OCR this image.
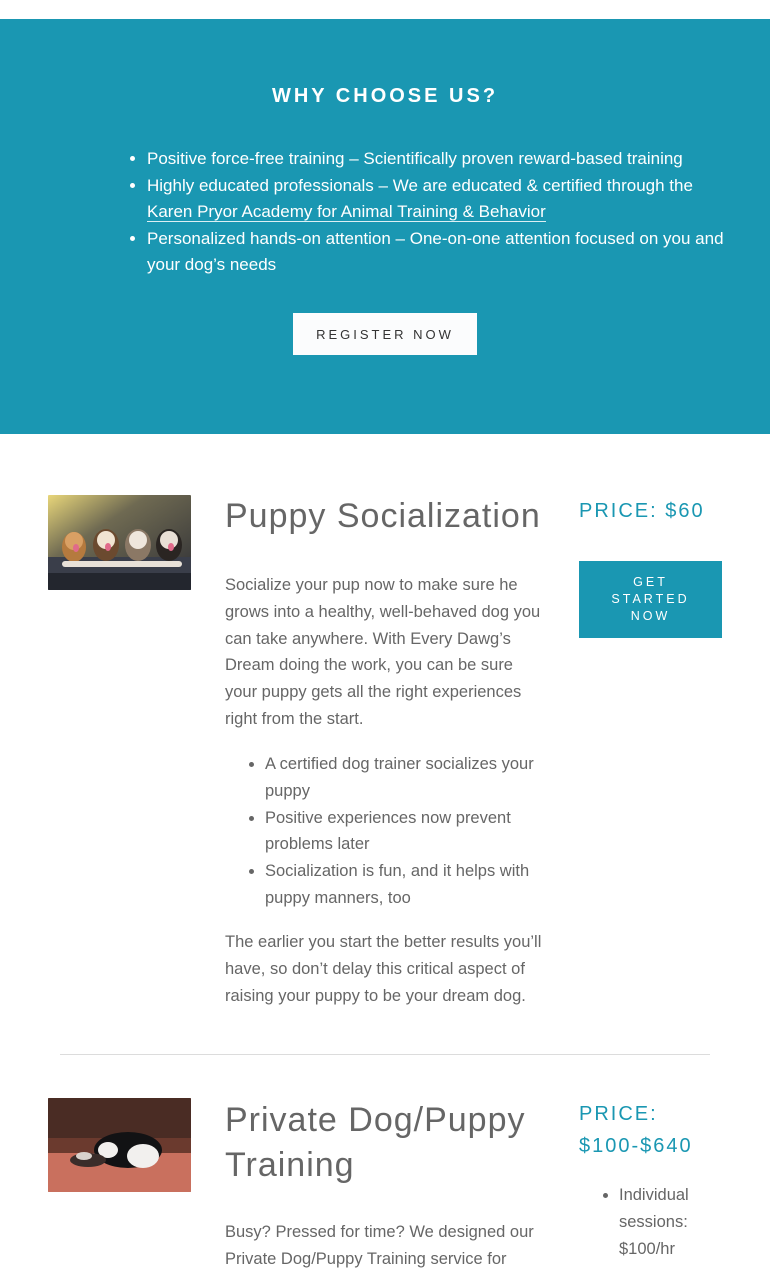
WHY CHOOSE US?
• Positive force-free training – Scientifically proven reward-based training
• Highly educated professionals – We are educated & certified through the Karen Pryor Academy for Animal Training & Behavior
• Personalized hands-on attention – One-on-one attention focused on you and your dog’s needs
REGISTER NOW
Puppy Socialization

Socialize your pup now to make sure he grows into a healthy, well-behaved dog you can take anywhere. With Every Dawg’s Dream doing the work, you can be sure your puppy gets all the right experiences right from the start.

• A certified dog trainer socializes your puppy
• Positive experiences now prevent problems later
• Socialization is fun, and it helps with puppy manners, too

The earlier you start the better results you’ll have, so don’t delay this critical aspect of raising your puppy to be your dream dog.

PRICE: $60
GET STARTED NOW
Private Dog/Puppy Training

Busy? Pressed for time? We designed our Private Dog/Puppy Training service for

PRICE: $100-$640
• Individual sessions: $100/hr
